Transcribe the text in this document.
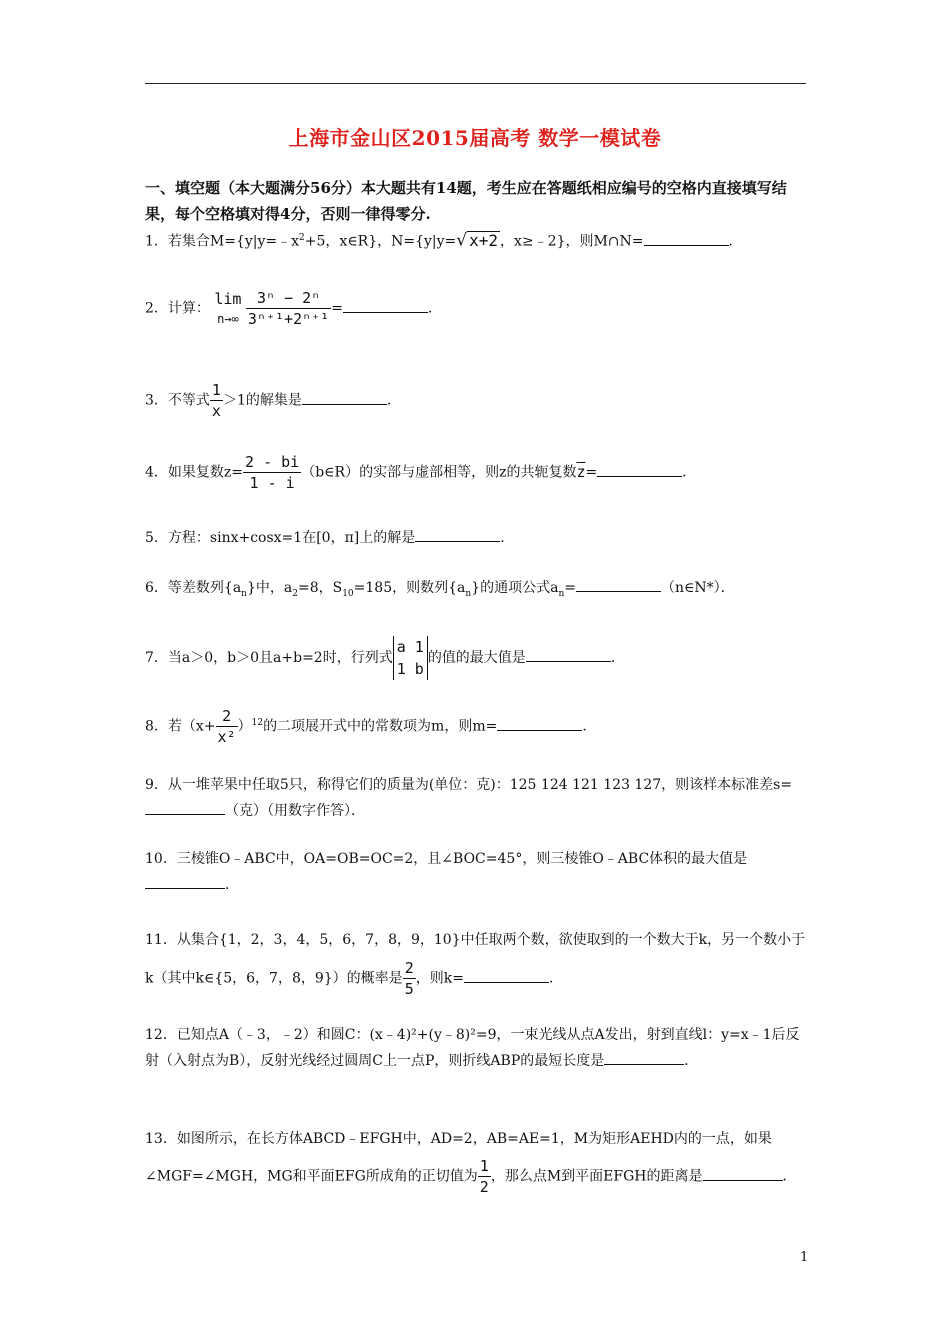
上海市金山区2015届高考 数学一模试卷
一、填空题（本大题满分56分）本大题共有14题，考生应在答题纸相应编号的空格内直接填写结果，每个空格填对得4分，否则一律得零分.
1．若集合$M=\{y|y=﹣x^2+5$，x∈R}，N={y|y=√ x+2 ，x≥﹣2}，则M∩N=	．
2．计算：
lim
n→∞
$\frac{\text{3ⁿ − 2ⁿ}}{\text{3ⁿ⁺¹+2ⁿ⁺¹}}$ =	．
3．不等式 $\frac{1}{x} >1$的解集是	．
4．如果复数$z= \frac{2 - bi}{1 - i}$ （b∈R）的实部与虚部相等，则z的共轭复数$\overline{z}=$	．
5．方程：sinx+cosx=1在[0，π]上的解是	．
6．等差数列$\{a_n\}$中，$a_2=8$，$S_{10}=185$，则数列$\{a_n\}$的通项公式$a_n=$	（n∈N*）．
7．当a＞0，b＞0且a+b=2时，行列式
a 1
1 b
的值的最大值是	．
8．若$(x+ \frac{2}{\text{x²}} )^{12}$的二项展开式中的常数项为m，则m=	．
9．从一堆苹果中任取5只，称得它们的质量为(单位：克)：125 124 121 123 127，则该样本标准差s=（克）（用数字作答）．
10．三棱锥O﹣ABC中，OA=OB=OC=2，且∠BOC=45°，则三棱锥O﹣ABC体积的最大值是．
11．从集合{1，2，3，4，5，6，7，8，9，10}中任取两个数，欲使取到的一个数大于k，另一个数小于k（其中k∈{5，6，7，8，9}）的概率是 $\frac{2}{5}$ ，则k=	．
12．已知点A（﹣3，﹣2）和圆C：(x﹣4)²+(y﹣8)²=9，一束光线从点A发出，射到直线l：y=x﹣1后反射（入射点为B），反射光线经过圆周C上一点P，则折线ABP的最短长度是	．
13．如图所示，在长方体ABCD﹣EFGH中，AD=2，AB=AE=1，M为矩形AEHD内的一点，如果∠MGF=∠MGH，MG和平面EFG所成角的正切值为 $\frac{1}{2}$ ，那么点M到平面EFGH的距离是	．
1
